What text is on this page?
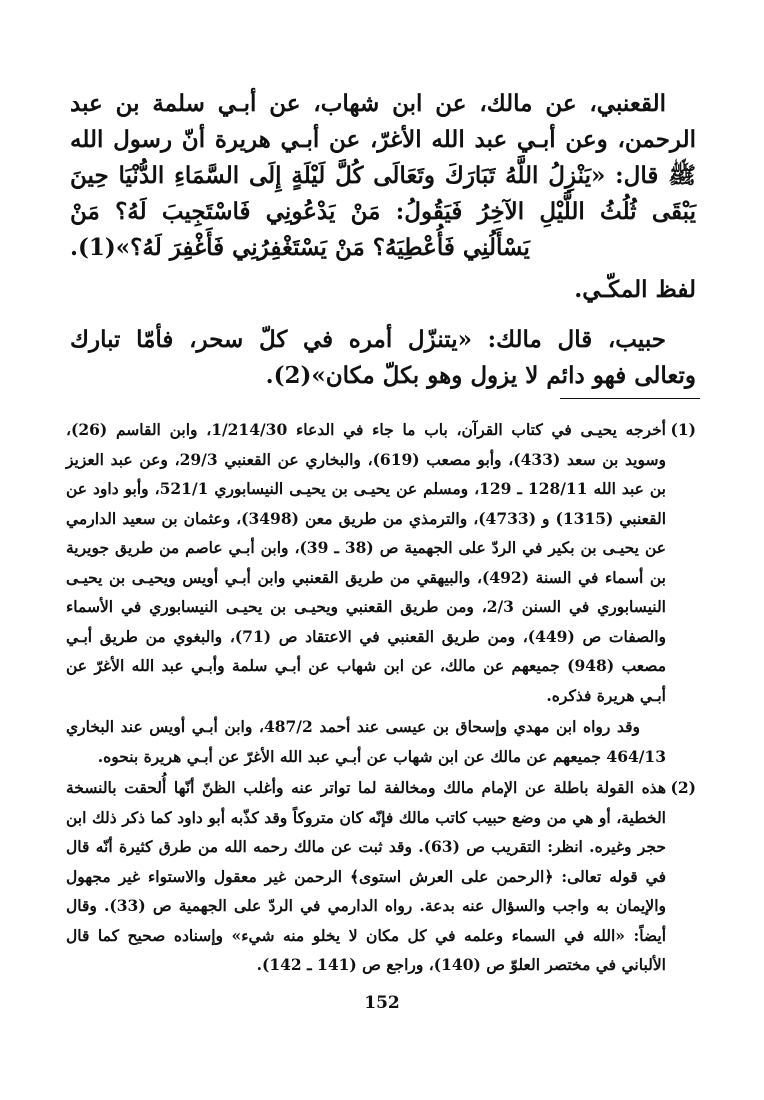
القعنبي، عن مالك، عن ابن شهاب، عن أبـي سلمة بن عبد الرحمن، وعن أبـي عبد الله الأغرّ، عن أبـي هريرة أنّ رسول الله ﷺ قال: «يَنْزِلُ اللَّهُ تَبَارَكَ وتَعَالَى كُلَّ لَيْلَةٍ إِلَى السَّمَاءِ الدُّنْيَا حِينَ يَبْقَى ثُلُثُ اللَّيْلِ الآخِرُ فَيَقُولُ: مَنْ يَدْعُونِي فَاسْتَجِيبَ لَهُ؟ مَنْ يَسْأَلُنِي فَأُعْطِيَهُ؟ مَنْ يَسْتَغْفِرُنِي فَأَغْفِرَ لَهُ؟»(1).

لفظ المكّـي.

حبيب، قال مالك: «يتنزّل أمره في كلّ سحر، فأمّا تبارك وتعالى فهو دائم لا يزول وهو بكلّ مكان»(2).

(1)
أخرجه يحيـى في كتاب القرآن، باب ما جاء في الدعاء 1/214/30، وابن القاسم (26)، وسويد بن سعد (433)، وأبو مصعب (619)، والبخاري عن القعنبي 29/3، وعن عبد العزيز بن عبد الله 128/11 ـ 129، ومسلم عن يحيـى بن يحيـى النيسابوري 521/1، وأبو داود عن القعنبي (1315) و (4733)، والترمذي من طريق معن (3498)، وعثمان بن سعيد الدارمي عن يحيـى بن بكير في الردّ على الجهمية ص (38 ـ 39)، وابن أبـي عاصم من طريق جويرية بن أسماء في السنة (492)، والبيهقي من طريق القعنبي وابن أبـي أويس ويحيـى بن يحيـى النيسابوري في السنن 2/3، ومن طريق القعنبي ويحيـى بن يحيـى النيسابوري في الأسماء والصفات ص (449)، ومن طريق القعنبي في الاعتقاد ص (71)، والبغوي من طريق أبـي مصعب (948) جميعهم عن مالك، عن ابن شهاب عن أبـي سلمة وأبـي عبد الله الأغرّ عن أبـي هريرة فذكره.

وقد رواه ابن مهدي وإسحاق بن عيسى عند أحمد 487/2، وابن أبـي أويس عند البخاري 464/13 جميعهم عن مالك عن ابن شهاب عن أبـي عبد الله الأغرّ عن أبـي هريرة بنحوه.

(2)
هذه القولة باطلة عن الإمام مالك ومخالفة لما تواتر عنه وأغلب الظنّ أنّها أُلحقت بالنسخة الخطية، أو هي من وضع حبيب كاتب مالك فإنّه كان متروكاً وقد كذّبه أبو داود كما ذكر ذلك ابن حجر وغيره. انظر: التقريب ص (63). وقد ثبت عن مالك رحمه الله من طرق كثيرة أنّه قال في قوله تعالى: ﴿الرحمن على العرش استوى﴾ الرحمن غير معقول والاستواء غير مجهول والإيمان به واجب والسؤال عنه بدعة. رواه الدارمي في الردّ على الجهمية ص (33). وقال أيضاً: «الله في السماء وعلمه في كل مكان لا يخلو منه شيء» وإسناده صحيح كما قال الألباني في مختصر العلوّ ص (140)، وراجع ص (141 ـ 142).
152
